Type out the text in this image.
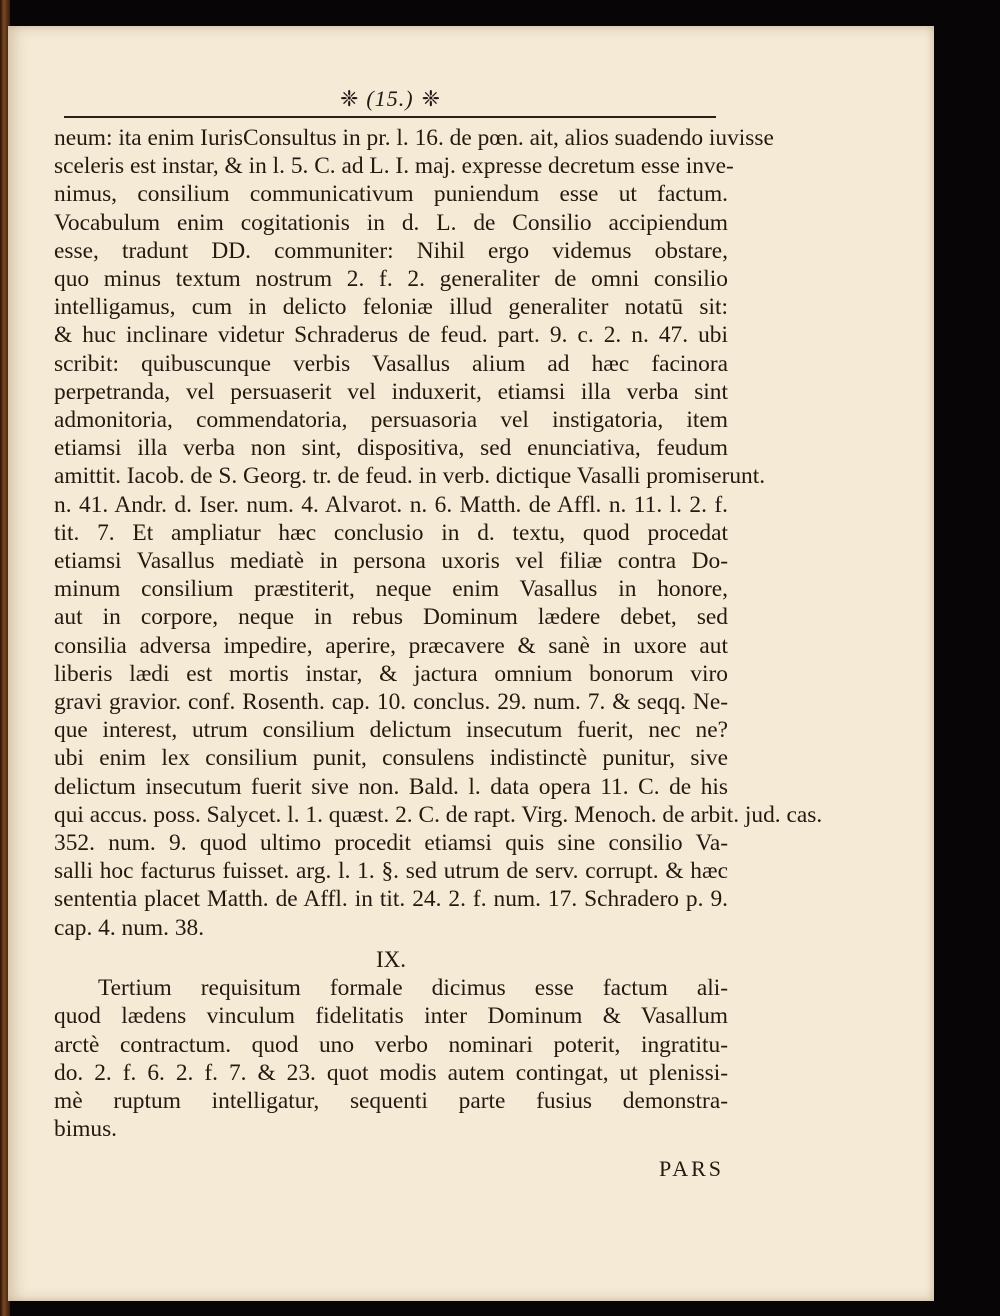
❈ (15.) ❈
neum: ita enim IurisConsultus in pr. l. 16. de pœn. ait, alios suadendo iuvisse
sceleris est instar, & in l. 5. C. ad L. I. maj. expresse decretum esse inve-
nimus, consilium communicativum puniendum esse ut factum.
Vocabulum enim cogitationis in d. L. de Consilio accipiendum
esse, tradunt DD. communiter: Nihil ergo videmus obstare,
quo minus textum nostrum 2. f. 2. generaliter de omni consilio
intelligamus, cum in delicto feloniæ illud generaliter notatū sit:
& huc inclinare videtur Schraderus de feud. part. 9. c. 2. n. 47. ubi
scribit: quibuscunque verbis Vasallus alium ad hæc facinora
perpetranda, vel persuaserit vel induxerit, etiamsi illa verba sint
admonitoria, commendatoria, persuasoria vel instigatoria, item
etiamsi illa verba non sint, dispositiva, sed enunciativa, feudum
amittit. Iacob. de S. Georg. tr. de feud. in verb. dictique Vasalli promiserunt.
n. 41. Andr. d. Iser. num. 4. Alvarot. n. 6. Matth. de Affl. n. 11. l. 2. f.
tit. 7. Et ampliatur hæc conclusio in d. textu, quod procedat
etiamsi Vasallus mediatè in persona uxoris vel filiæ contra Do-
minum consilium præstiterit, neque enim Vasallus in honore,
aut in corpore, neque in rebus Dominum lædere debet, sed
consilia adversa impedire, aperire, præcavere & sanè in uxore aut
liberis lædi est mortis instar, & jactura omnium bonorum viro
gravi gravior. conf. Rosenth. cap. 10. conclus. 29. num. 7. & seqq. Ne-
que interest, utrum consilium delictum insecutum fuerit, nec ne?
ubi enim lex consilium punit, consulens indistinctè punitur, sive
delictum insecutum fuerit sive non. Bald. l. data opera 11. C. de his
qui accus. poss. Salycet. l. 1. quæst. 2. C. de rapt. Virg. Menoch. de arbit. jud. cas.
352. num. 9. quod ultimo procedit etiamsi quis sine consilio Va-
salli hoc facturus fuisset. arg. l. 1. §. sed utrum de serv. corrupt. & hæc
sententia placet Matth. de Affl. in tit. 24. 2. f. num. 17. Schradero p. 9.
cap. 4. num. 38.
IX.
Tertium requisitum formale dicimus esse factum ali-
quod lædens vinculum fidelitatis inter Dominum & Vasallum
arctè contractum. quod uno verbo nominari poterit, ingratitu-
do. 2. f. 6. 2. f. 7. & 23. quot modis autem contingat, ut plenissi-
mè ruptum intelligatur, sequenti parte fusius demonstra-
bimus.
PARS
